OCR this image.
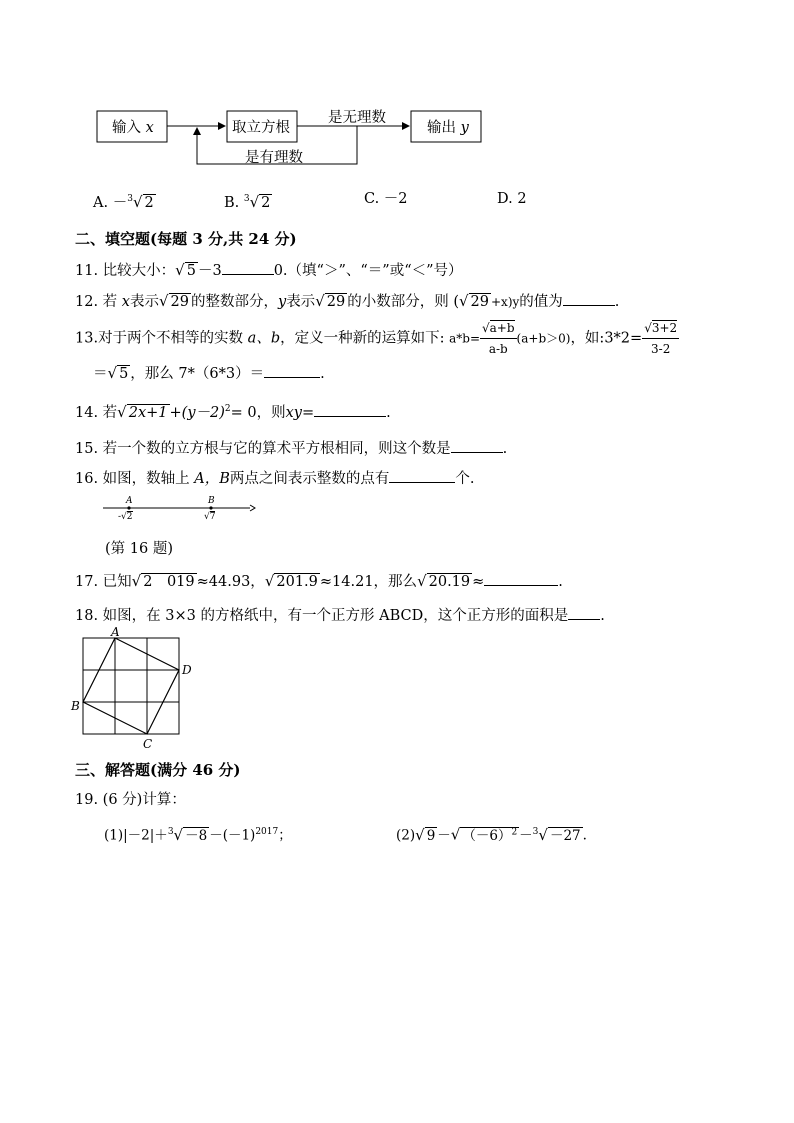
输入 x	取立方根
是无理数
是有理数
输出 y
A. －$^3$√ 2	B. $^3$√ 2	C. －2	D. 2
二、填空题(每题 3 分,共 24 分)
11. 比较大小：√ 5 －3	0.（填“＞”、“＝”或“＜”号）
12. 若 x表示√ 29 的整数部分，y表示√ 29 的小数部分，则 (√ 29 +x)y的值为	.
13.对于两个不相等的实数 a、b，定义一种新的运算如下: $a*b= \frac{√a+b}{a-b} (a+b>0)$，如:3*2= $\frac{√3+2}{3-2}$
＝√ 5 ，那么 7*（6*3）＝	.
14. 若√ $2x+1 +(y-2)^2= 0$，则xy=	.
15. 若一个数的立方根与它的算术平方根相同，则这个数是	.
16. 如图，数轴上 A，B两点之间表示整数的点有	个.
A	B
-√2	√7
(第 16 题)
17. 已知√ 2　019 ≈44.93，√ 201.9 ≈14.21，那么√ 20.19 ≈	.
18. 如图，在 3×3 的方格纸中，有一个正方形 ABCD，这个正方形的面积是 .
A
D
B
C
三、解答题(满分 46 分)
19. (6 分)计算：
$(1)|-2|+^3√ -8 -(-1)^{2017}$；	(2)√ 9 －√ $(-6)^2 -^3√ -27$ .
